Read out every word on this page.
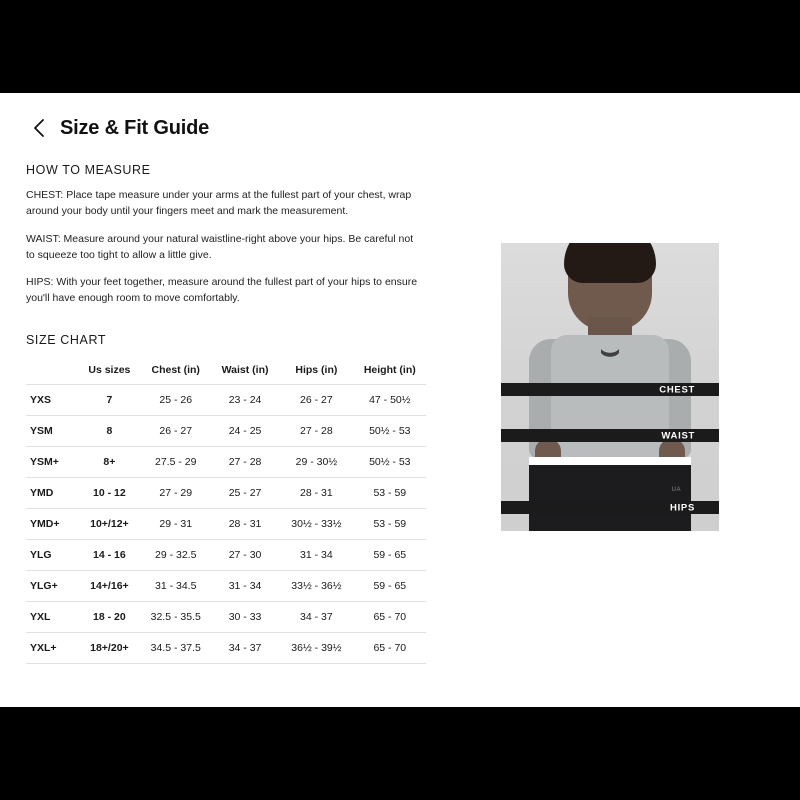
Size & Fit Guide
HOW TO MEASURE
CHEST: Place tape measure under your arms at the fullest part of your chest, wrap around your body until your fingers meet and mark the measurement.
WAIST: Measure around your natural waistline-right above your hips. Be careful not to squeeze too tight to allow a little give.
HIPS: With your feet together, measure around the fullest part of your hips to ensure you'll have enough room to move comfortably.
SIZE CHART
	Us sizes	Chest (in)	Waist (in)	Hips (in)	Height (in)
YXS	7	25 - 26	23 - 24	26 - 27	47 - 50½
YSM	8	26 - 27	24 - 25	27 - 28	50½ - 53
YSM+	8+	27.5 - 29	27 - 28	29 - 30½	50½ - 53
YMD	10 - 12	27 - 29	25 - 27	28 - 31	53 - 59
YMD+	10+/12+	29 - 31	28 - 31	30½ - 33½	53 - 59
YLG	14 - 16	29 - 32.5	27 - 30	31 - 34	59 - 65
YLG+	14+/16+	31 - 34.5	31 - 34	33½ - 36½	59 - 65
YXL	18 - 20	32.5 - 35.5	30 - 33	34 - 37	65 - 70
YXL+	18+/20+	34.5 - 37.5	34 - 37	36½ - 39½	65 - 70
CHEST
WAIST
HIPS
UA
